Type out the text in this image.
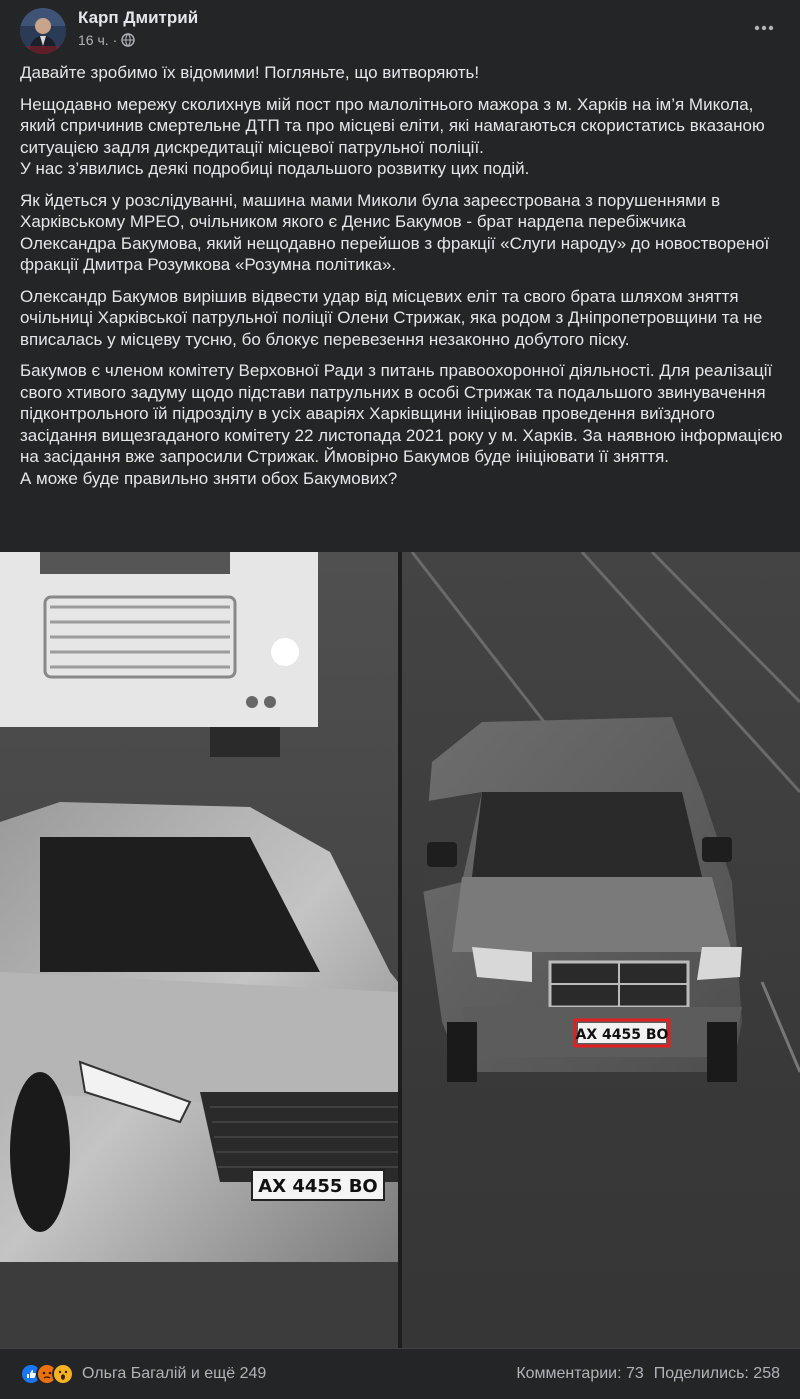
Карп Дмитрий
16 ч. ·

Давайте зробимо їх відомими! Погляньте, що витворяють!

Нещодавно мережу сколихнув мій пост про малолітнього мажора з м. Харків на ім’я Микола, який спричинив смертельне ДТП та про місцеві еліти, які намагаються скористатись вказаною ситуацією задля дискредитації місцевої патрульної поліції.
У нас з’явились деякі подробиці подальшого розвитку цих подій.

Як йдеться у розслідуванні, машина мами Миколи була зареєстрована з порушеннями в Харківському МРЕО, очільником якого є Денис Бакумов - брат нардепа перебіжчика Олександра Бакумова, який нещодавно перейшов з фракції «Слуги народу» до новоствореної фракції Дмитра Розумкова «Розумна політика».

Олександр Бакумов вирішив відвести удар від місцевих еліт та свого брата шляхом зняття очільниці Харківської патрульної поліції Олени Стрижак, яка родом з Дніпропетровщини та не вписалась у місцеву тусню, бо блокує перевезення незаконно добутого піску.

Бакумов є членом комітету Верховної Ради з питань правоохоронної діяльності. Для реалізації свого хтивого задуму щодо підстави патрульних в особі Стрижак та подальшого звинувачення підконтрольного їй підрозділу в усіх аваріях Харківщини ініціював проведення виїздного засідання вищезгаданого комітету 22 листопада 2021 року у м. Харків. За наявною інформацією на засідання вже запросили Стрижак. Ймовірно Бакумов буде ініціювати її зняття.
А може буде правильно зняти обох Бакумових?

AX 4455 BO
AX 4455 BO
Ольга Багалій и ещё 249	Комментарии: 73 Поделились: 258
